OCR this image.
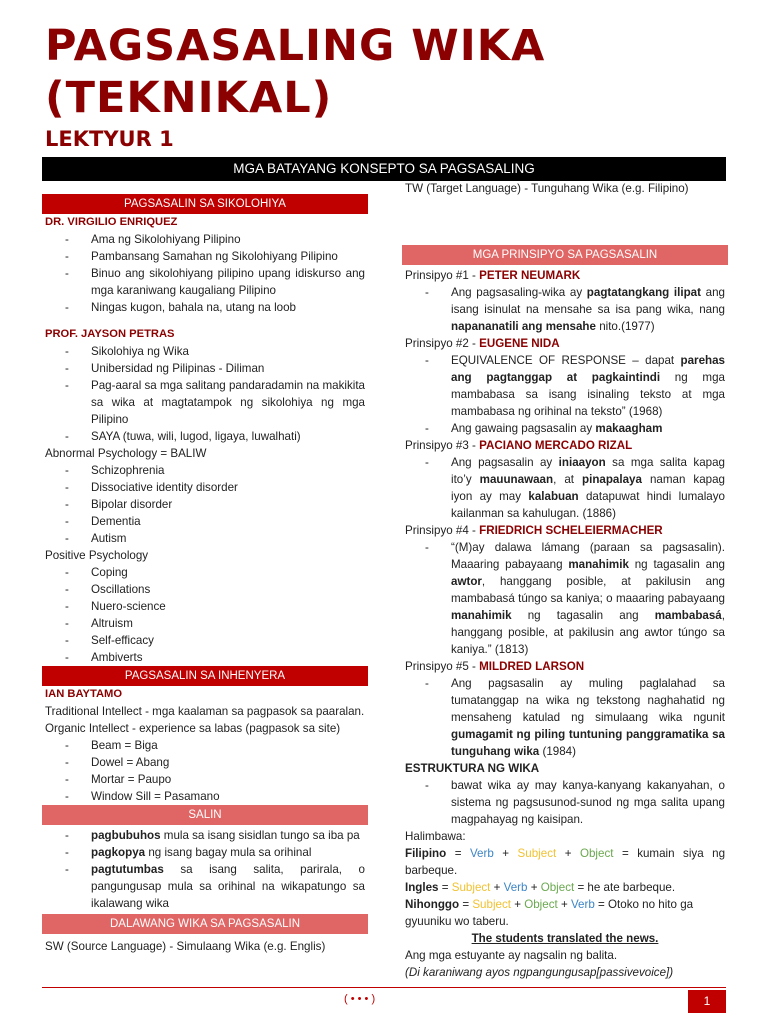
PAGSASALING WIKA
(TEKNIKAL)
LEKTYUR 1
MGA BATAYANG KONSEPTO SA PAGSASALING
PAGSASALIN SA SIKOLOHIYA
DR. VIRGILIO ENRIQUEZ
- Ama ng Sikolohiyang Pilipino
- Pambansang Samahan ng Sikolohiyang Pilipino
- Binuo ang sikolohiyang pilipino upang idiskurso ang mga karaniwang kaugaliang Pilipino
- Ningas kugon, bahala na, utang na loob
PROF. JAYSON PETRAS
- Sikolohiya ng Wika
- Unibersidad ng Pilipinas - Diliman
- Pag-aaral sa mga salitang pandaradamin na makikita sa wika at magtatampok ng sikolohiya ng mga Pilipino
- SAYA (tuwa, wili, lugod, ligaya, luwalhati)
Abnormal Psychology = BALIW
- Schizophrenia
- Dissociative identity disorder
- Bipolar disorder
- Dementia
- Autism
Positive Psychology
- Coping
- Oscillations
- Nuero-science
- Altruism
- Self-efficacy
- Ambiverts
PAGSASALIN SA INHENYERA
IAN BAYTAMO
Traditional Intellect - mga kaalaman sa pagpasok sa paaralan.
Organic Intellect - experience sa labas (pagpasok sa site)
- Beam = Biga
- Dowel = Abang
- Mortar = Paupo
- Window Sill = Pasamano
SALIN
- pagbubuhos mula sa isang sisidlan tungo sa iba pa
- pagkopya ng isang bagay mula sa orihinal
- pagtutumbas sa isang salita, parirala, o pangungusap mula sa orihinal na wikapatungo sa ikalawang wika
DALAWANG WIKA SA PAGSASALIN
SW (Source Language) - Simulaang Wika (e.g. Englis)
TW (Target Language) - Tunguhang Wika (e.g. Filipino)
MGA PRINSIPYO SA PAGSASALIN
Prinsipyo #1 - PETER NEUMARK
- Ang pagsasaling-wika ay pagtatangkang ilipat ang isang isinulat na mensahe sa isa pang wika, nang napananatili ang mensahe nito.(1977)
Prinsipyo #2 - EUGENE NIDA
- EQUIVALENCE OF RESPONSE – dapat parehas ang pagtanggap at pagkaintindi ng mga mambabasa sa isang isinaling teksto at mga mambabasa ng orihinal na teksto” (1968)
- Ang gawaing pagsasalin ay makaagham
Prinsipyo #3 - PACIANO MERCADO RIZAL
- Ang pagsasalin ay iniaayon sa mga salita kapag ito’y mauunawaan, at pinapalaya naman kapag iyon ay may kalabuan datapuwat hindi lumalayo kailanman sa kahulugan. (1886)
Prinsipyo #4 - FRIEDRICH SCHELEIERMACHER
- “(M)ay dalawa lámang (paraan sa pagsasalin). Maaaring pabayaang manahimik ng tagasalin ang awtor, hanggang posible, at pakilusin ang mambabasá túngo sa kaniya; o maaaring pabayaang manahimik ng tagasalin ang mambabasá, hanggang posible, at pakilusin ang awtor túngo sa kaniya.” (1813)
Prinsipyo #5 - MILDRED LARSON
- Ang pagsasalin ay muling paglalahad sa tumatanggap na wika ng tekstong naghahatid ng mensaheng katulad ng simulaang wika ngunit gumagamit ng piling tuntuning panggramatika sa tunguhang wika (1984)
ESTRUKTURA NG WIKA
- bawat wika ay may kanya-kanyang kakanyahan, o sistema ng pagsusunod-sunod ng mga salita upang magpahayag ng kaisipan.
Halimbawa:
Filipino = Verb + Subject + Object = kumain siya ng barbeque.
Ingles = Subject + Verb + Object = he ate barbeque.
Nihonggo = Subject + Object + Verb = Otoko no hito ga gyuuniku wo taberu.
The students translated the news.
Ang mga estuyante ay nagsalin ng balita.
(Di karaniwang ayos ngpangungusap[passivevoice])
( • • • )	1
